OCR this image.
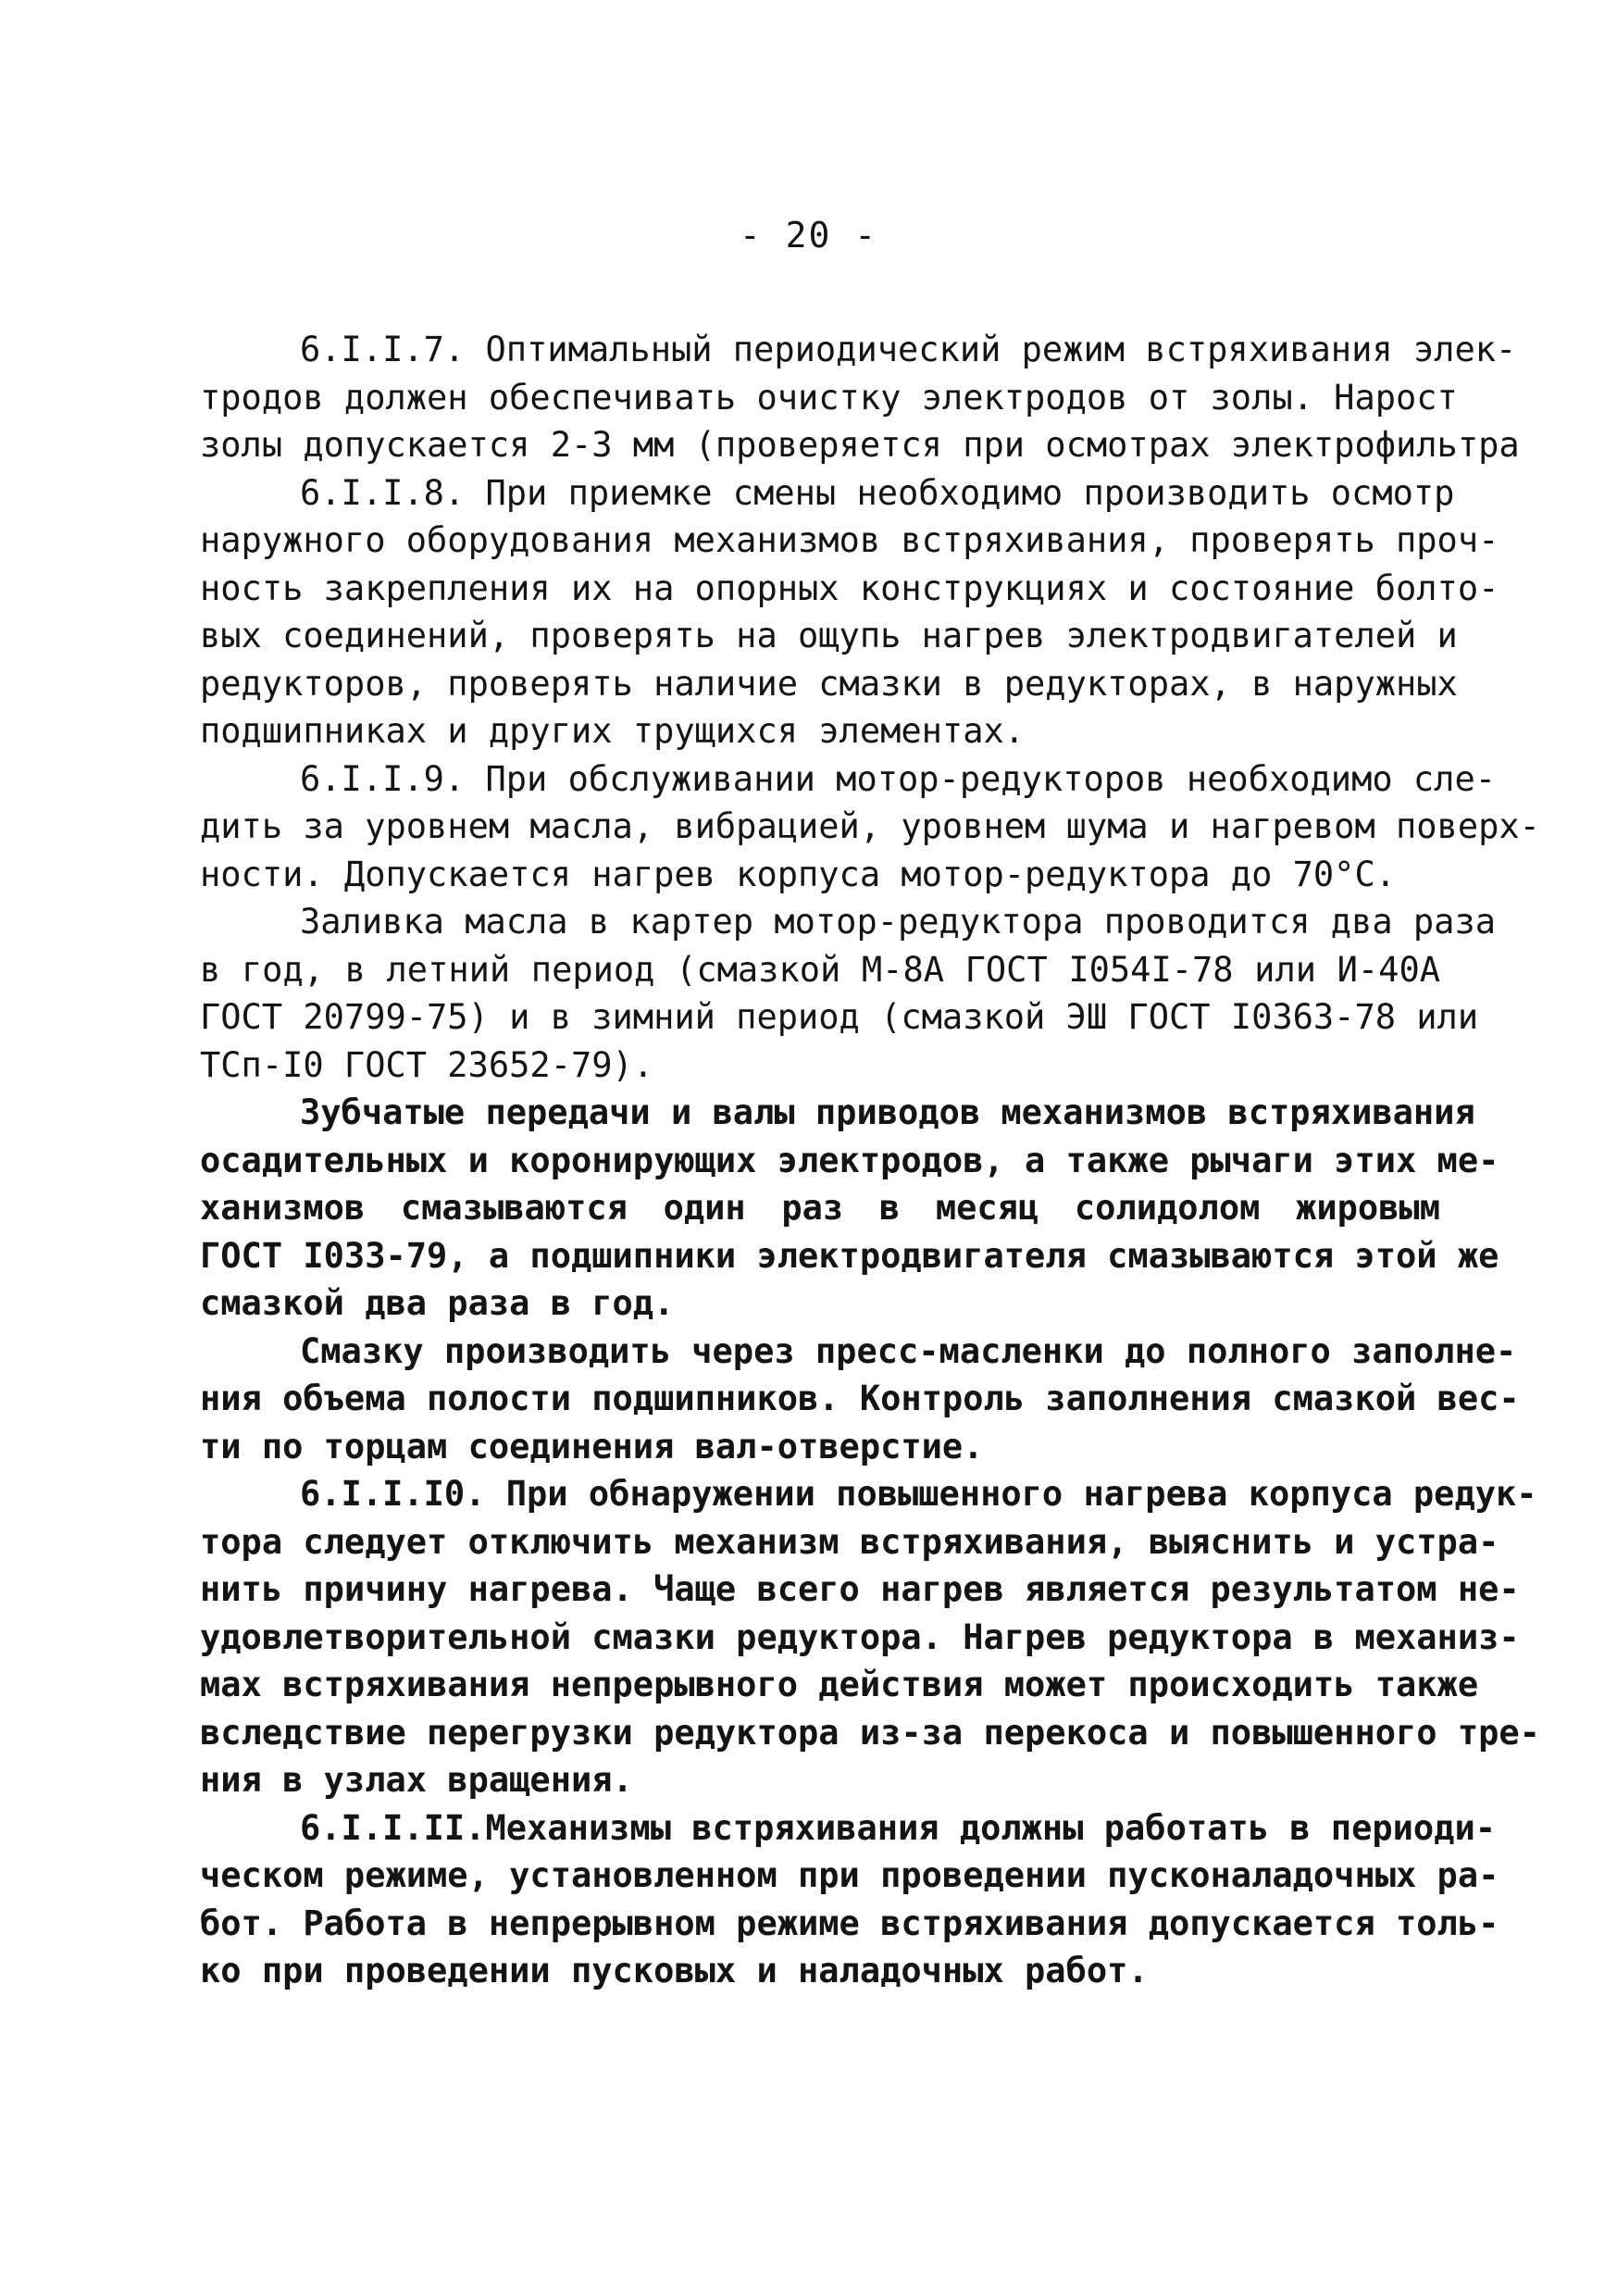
- 20 -
6.I.I.7. Оптимальный периодический режим встряхивания элек-
тродов должен обеспечивать очистку электродов от золы. Нарост
золы допускается 2-3 мм (проверяется при осмотрах электрофильтра
6.I.I.8. При приемке смены необходимо производить осмотр
наружного оборудования механизмов встряхивания, проверять проч-
ность закрепления их на опорных конструкциях и состояние болто-
вых соединений, проверять на ощупь нагрев электродвигателей и
редукторов, проверять наличие смазки в редукторах, в наружных
подшипниках и других трущихся элементах.
6.I.I.9. При обслуживании мотор-редукторов необходимо сле-
дить за уровнем масла, вибрацией, уровнем шума и нагревом поверх-
ности. Допускается нагрев корпуса мотор-редуктора до 70°С.
Заливка масла в картер мотор-редуктора проводится два раза
в год, в летний период (смазкой М-8А ГОСТ I054I-78 или И-40А
ГОСТ 20799-75) и в зимний период (смазкой ЭШ ГОСТ I0363-78 или
ТСп-I0 ГОСТ 23652-79).
Зубчатые передачи и валы приводов механизмов встряхивания
осадительных и коронирующих электродов, а также рычаги этих ме-
ханизмов смазываются один раз в месяц солидолом жировым
ГОСТ I033-79, а подшипники электродвигателя смазываются этой же
смазкой два раза в год.
Смазку производить через пресс-масленки до полного заполне-
ния объема полости подшипников. Контроль заполнения смазкой вес-
ти по торцам соединения вал-отверстие.
6.I.I.I0. При обнаружении повышенного нагрева корпуса редук-
тора следует отключить механизм встряхивания, выяснить и устра-
нить причину нагрева. Чаще всего нагрев является результатом не-
удовлетворительной смазки редуктора. Нагрев редуктора в механиз-
мах встряхивания непрерывного действия может происходить также
вследствие перегрузки редуктора из-за перекоса и повышенного тре-
ния в узлах вращения.
6.I.I.II.Механизмы встряхивания должны работать в периоди-
ческом режиме, установленном при проведении пусконаладочных ра-
бот. Работа в непрерывном режиме встряхивания допускается толь-
ко при проведении пусковых и наладочных работ.
